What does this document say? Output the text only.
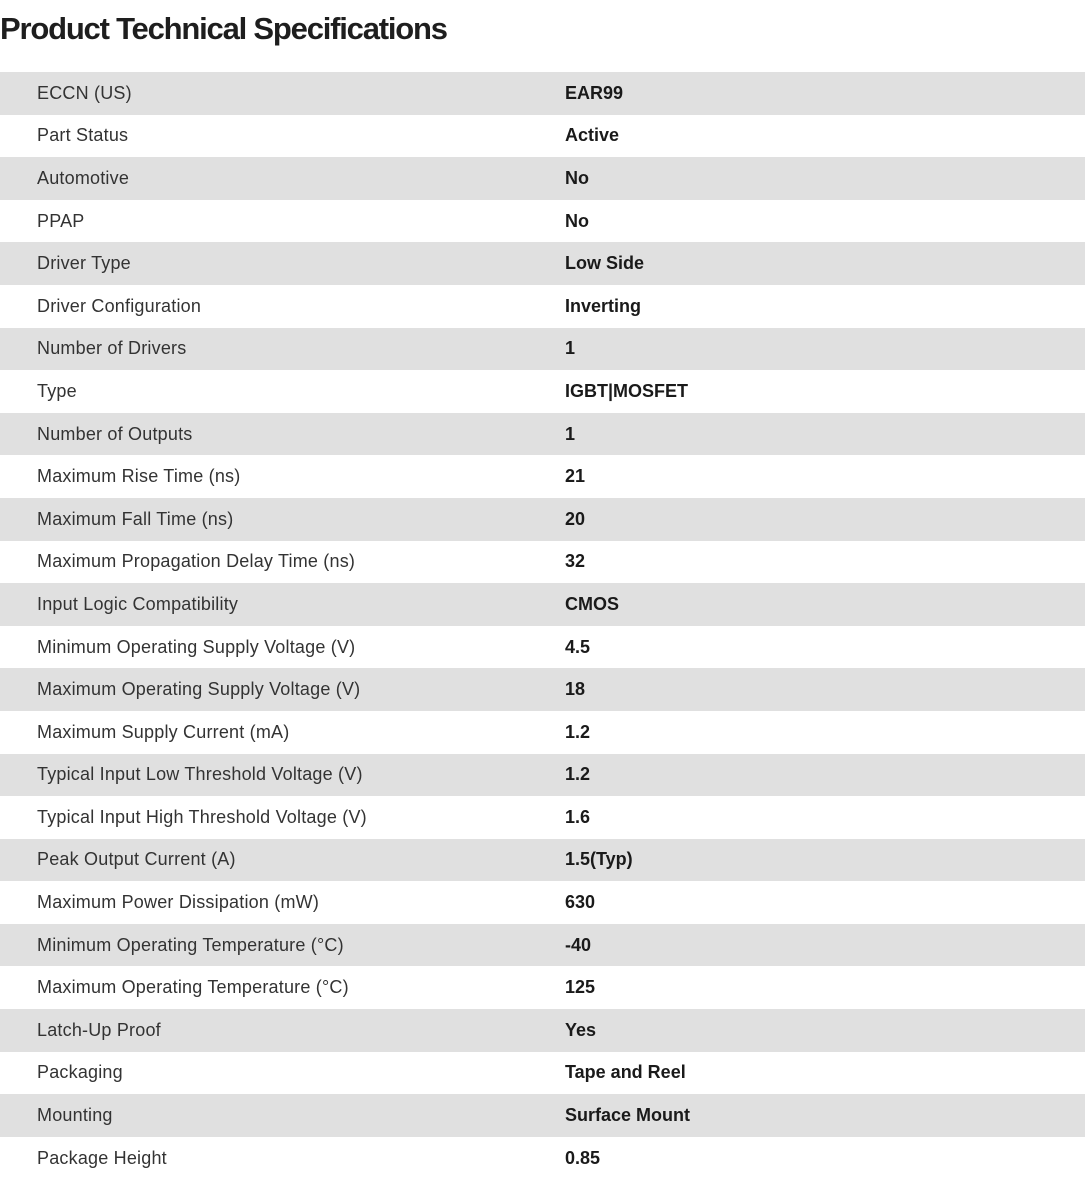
Product Technical Specifications
ECCN (US)	EAR99
Part Status	Active
Automotive	No
PPAP	No
Driver Type	Low Side
Driver Configuration	Inverting
Number of Drivers	1
Type	IGBT|MOSFET
Number of Outputs	1
Maximum Rise Time (ns)	21
Maximum Fall Time (ns)	20
Maximum Propagation Delay Time (ns)	32
Input Logic Compatibility	CMOS
Minimum Operating Supply Voltage (V)	4.5
Maximum Operating Supply Voltage (V)	18
Maximum Supply Current (mA)	1.2
Typical Input Low Threshold Voltage (V)	1.2
Typical Input High Threshold Voltage (V)	1.6
Peak Output Current (A)	1.5(Typ)
Maximum Power Dissipation (mW)	630
Minimum Operating Temperature (°C)	-40
Maximum Operating Temperature (°C)	125
Latch-Up Proof	Yes
Packaging	Tape and Reel
Mounting	Surface Mount
Package Height	0.85
